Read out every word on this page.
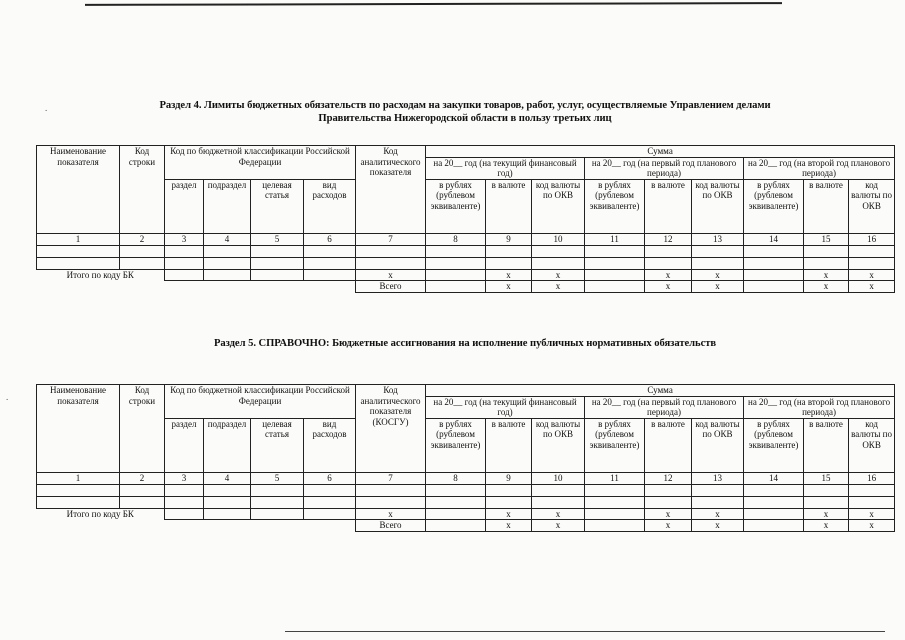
.
.
Раздел 4. Лимиты бюджетных обязательств по расходам на закупки товаров, работ, услуг, осуществляемые Управлением делами
Правительства Нижегородской области в пользу третьих лиц
Наименование показателя	Код строки	Код по бюджетной классификации Российской Федерации				Код аналитического показателя	Сумма								
							на 20__ год (на текущий финансовый год)			на 20__ год (на первый год планового периода)			на 20__ год (на второй год планового периода)		
		раздел	подраздел	целевая статья	вид расходов		в рублях (рублевом эквиваленте)	в валюте	код валюты по ОКВ	в рублях (рублевом эквиваленте)	в валюте	код валюты по ОКВ	в рублях (рублевом эквиваленте)	в валюте	код валюты по ОКВ
1	2	3	4	5	6	7	8	9	10	11	12	13	14	15	16

Итого по коду БК						x		x	x		x	x		x	x
						Всего		x	x		x	x		x	x
Раздел 5. СПРАВОЧНО: Бюджетные ассигнования на исполнение публичных нормативных обязательств
Наименование показателя	Код строки	Код по бюджетной классификации Российской Федерации				Код аналитического показателя (КОСГУ)	Сумма								
							на 20__ год (на текущий финансовый год)			на 20__ год (на первый год планового периода)			на 20__ год (на второй год планового периода)		
		раздел	подраздел	целевая статья	вид расходов		в рублях (рублевом эквиваленте)	в валюте	код валюты по ОКВ	в рублях (рублевом эквиваленте)	в валюте	код валюты по ОКВ	в рублях (рублевом эквиваленте)	в валюте	код валюты по ОКВ
1	2	3	4	5	6	7	8	9	10	11	12	13	14	15	16

Итого по коду БК						x		x	x		x	x		x	x
						Всего		x	x		x	x		x	x
